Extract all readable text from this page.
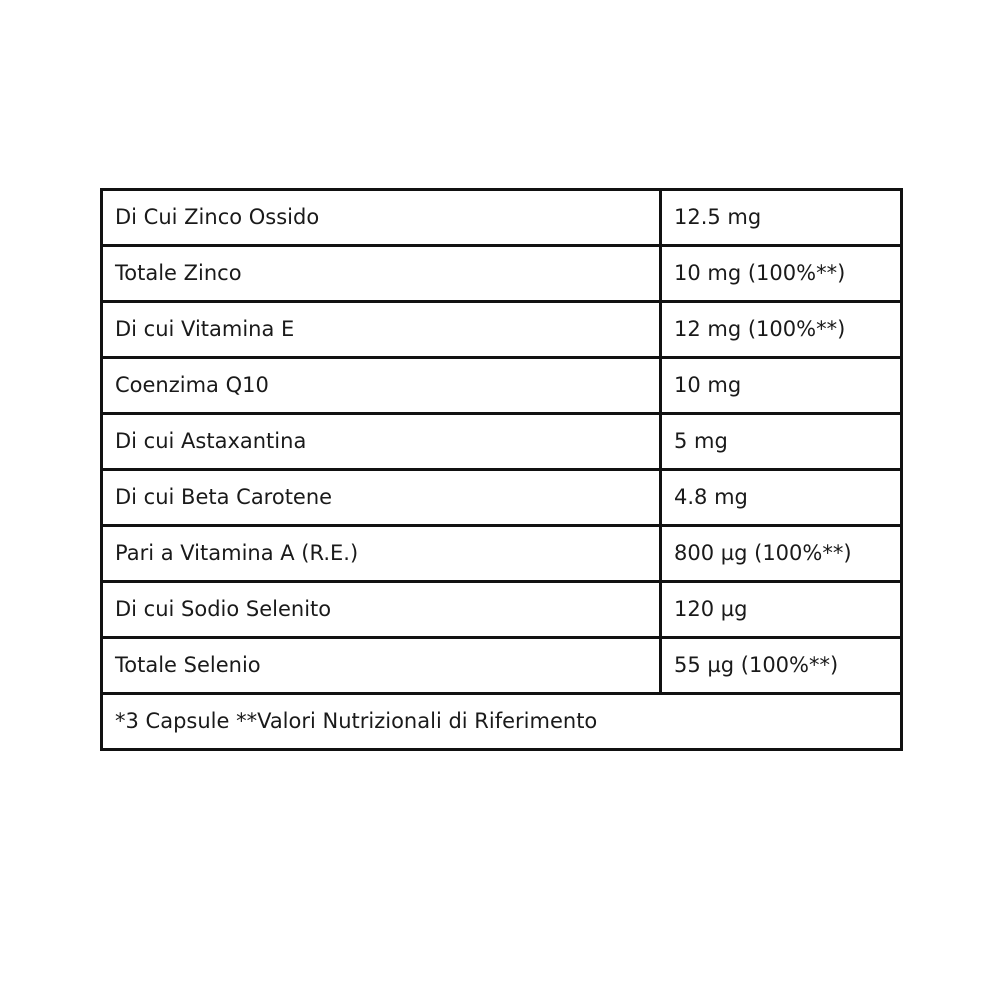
Di Cui Zinco Ossido	12.5 mg
Totale Zinco	10 mg (100%**)
Di cui Vitamina E	12 mg (100%**)
Coenzima Q10	10 mg
Di cui Astaxantina	5 mg
Di cui Beta Carotene	4.8 mg
Pari a Vitamina A (R.E.)	800 µg (100%**)
Di cui Sodio Selenito	120 µg
Totale Selenio	55 µg (100%**)
*3 Capsule **Valori Nutrizionali di Riferimento	
